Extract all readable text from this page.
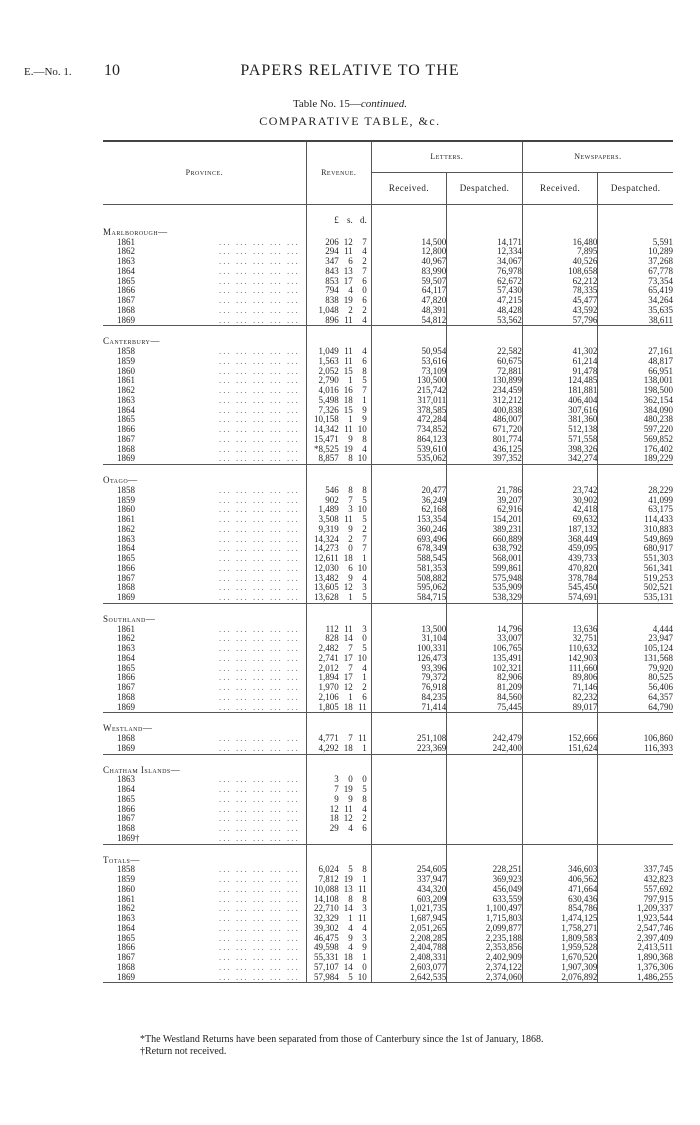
E.—No. 1. 10	PAPERS RELATIVE TO THE
Table No. 15—continued.
COMPARATIVE TABLE, &c.
Province.	Revenue.	Letters.		Newspapers.	
		Received.	Despatched.	Received.	Despatched.

	£ s. d.				

Marlborough—					

1861 ... ... ... ... ...	206 12 7	14,500	14,171	16,480	5,591

1862 ... ... ... ... ...	294 11 4	12,800	12,334	7,895	10,289

1863 ... ... ... ... ...	347 6 2	40,967	34,067	40,526	37,268

1864 ... ... ... ... ...	843 13 7	83,990	76,978	108,658	67,778

1865 ... ... ... ... ...	853 17 6	59,507	62,672	62,212	73,354

1866 ... ... ... ... ...	794 4 0	64,117	57,430	78,335	65,419

1867 ... ... ... ... ...	838 19 6	47,820	47,215	45,477	34,264

1868 ... ... ... ... ...	1,048 2 2	48,391	48,428	43,592	35,635

1869 ... ... ... ... ...	896 11 4	54,812	53,562	57,796	38,611

Canterbury—					

1858 ... ... ... ... ...	1,049 11 4	50,954	22,582	41,302	27,161

1859 ... ... ... ... ...	1,563 11 6	53,616	60,675	61,214	48,817

1860 ... ... ... ... ...	2,052 15 8	73,109	72,881	91,478	66,951

1861 ... ... ... ... ...	2,790 1 5	130,500	130,899	124,485	138,001

1862 ... ... ... ... ...	4,016 16 7	215,742	234,459	181,881	198,500

1863 ... ... ... ... ...	5,498 18 1	317,011	312,212	406,404	362,154

1864 ... ... ... ... ...	7,326 15 9	378,585	400,838	307,616	384,090

1865 ... ... ... ... ...	10,158 1 9	472,284	486,007	381,360	480,238

1866 ... ... ... ... ...	14,342 11 10	734,852	671,720	512,138	597,220

1867 ... ... ... ... ...	15,471 9 8	864,123	801,774	571,558	569,852

1868 ... ... ... ... ...	*8,525 19 4	539,610	436,125	398,326	176,402

1869 ... ... ... ... ...	8,857 8 10	535,062	397,352	342,274	189,229

Otago—					

1858 ... ... ... ... ...	546 8 8	20,477	21,786	23,742	28,229

1859 ... ... ... ... ...	902 7 5	36,249	39,207	30,902	41,099

1860 ... ... ... ... ...	1,489 3 10	62,168	62,916	42,418	63,175

1861 ... ... ... ... ...	3,508 11 5	153,354	154,201	69,632	114,433

1862 ... ... ... ... ...	9,319 9 2	360,246	389,231	187,132	310,883

1863 ... ... ... ... ...	14,324 2 7	693,496	660,889	368,449	549,869

1864 ... ... ... ... ...	14,273 0 7	678,349	638,792	459,095	680,917

1865 ... ... ... ... ...	12,611 18 1	588,545	568,001	439,733	551,303

1866 ... ... ... ... ...	12,030 6 10	581,353	599,861	470,820	561,341

1867 ... ... ... ... ...	13,482 9 4	508,882	575,948	378,784	519,253

1868 ... ... ... ... ...	13,605 12 3	595,062	535,909	545,450	502,521

1869 ... ... ... ... ...	13,628 1 5	584,715	538,329	574,691	535,131

Southland—					

1861 ... ... ... ... ...	112 11 3	13,500	14,796	13,636	4,444

1862 ... ... ... ... ...	828 14 0	31,104	33,007	32,751	23,947

1863 ... ... ... ... ...	2,482 7 5	100,331	106,765	110,632	105,124

1864 ... ... ... ... ...	2,741 17 10	126,473	135,491	142,903	131,568

1865 ... ... ... ... ...	2,012 7 4	93,396	102,321	111,660	79,920

1866 ... ... ... ... ...	1,894 17 1	79,372	82,906	89,806	80,525

1867 ... ... ... ... ...	1,970 12 2	76,918	81,209	71,146	56,406

1868 ... ... ... ... ...	2,106 1 6	84,235	84,560	82,232	64,357

1869 ... ... ... ... ...	1,805 18 11	71,414	75,445	89,017	64,790

Westland—					

1868 ... ... ... ... ...	4,771 7 11	251,108	242,479	152,666	106,860

1869 ... ... ... ... ...	4,292 18 1	223,369	242,400	151,624	116,393

Chatham Islands—					

1863 ... ... ... ... ...	3 0 0				

1864 ... ... ... ... ...	7 19 5				

1865 ... ... ... ... ...	9 9 8				

1866 ... ... ... ... ...	12 11 4				

1867 ... ... ... ... ...	18 12 2				

1868 ... ... ... ... ...	29 4 6				

1869† ... ... ... ... ...					

Totals—					

1858 ... ... ... ... ...	6,024 5 8	254,605	228,251	346,603	337,745

1859 ... ... ... ... ...	7,812 19 1	337,947	369,923	406,562	432,823

1860 ... ... ... ... ...	10,088 13 11	434,320	456,049	471,664	557,692

1861 ... ... ... ... ...	14,108 8 8	603,209	633,559	630,436	797,915

1862 ... ... ... ... ...	22,710 14 3	1,021,735	1,100,497	854,786	1,209,337

1863 ... ... ... ... ...	32,329 1 11	1,687,945	1,715,803	1,474,125	1,923,544

1864 ... ... ... ... ...	39,302 4 4	2,051,265	2,099,877	1,758,271	2,547,746

1865 ... ... ... ... ...	46,475 9 3	2,208,285	2,235,188	1,809,583	2,397,409

1866 ... ... ... ... ...	49,598 4 9	2,404,788	2,353,856	1,959,528	2,413,511

1867 ... ... ... ... ...	55,331 18 1	2,408,331	2,402,909	1,670,520	1,890,368

1868 ... ... ... ... ...	57,107 14 0	2,603,077	2,374,122	1,907,309	1,376,306

1869 ... ... ... ... ...	57,984 5 10	2,642,535	2,374,060	2,076,892	1,486,255
*The Westland Returns have been separated from those of Canterbury since the 1st of January, 1868.
†Return not received.
